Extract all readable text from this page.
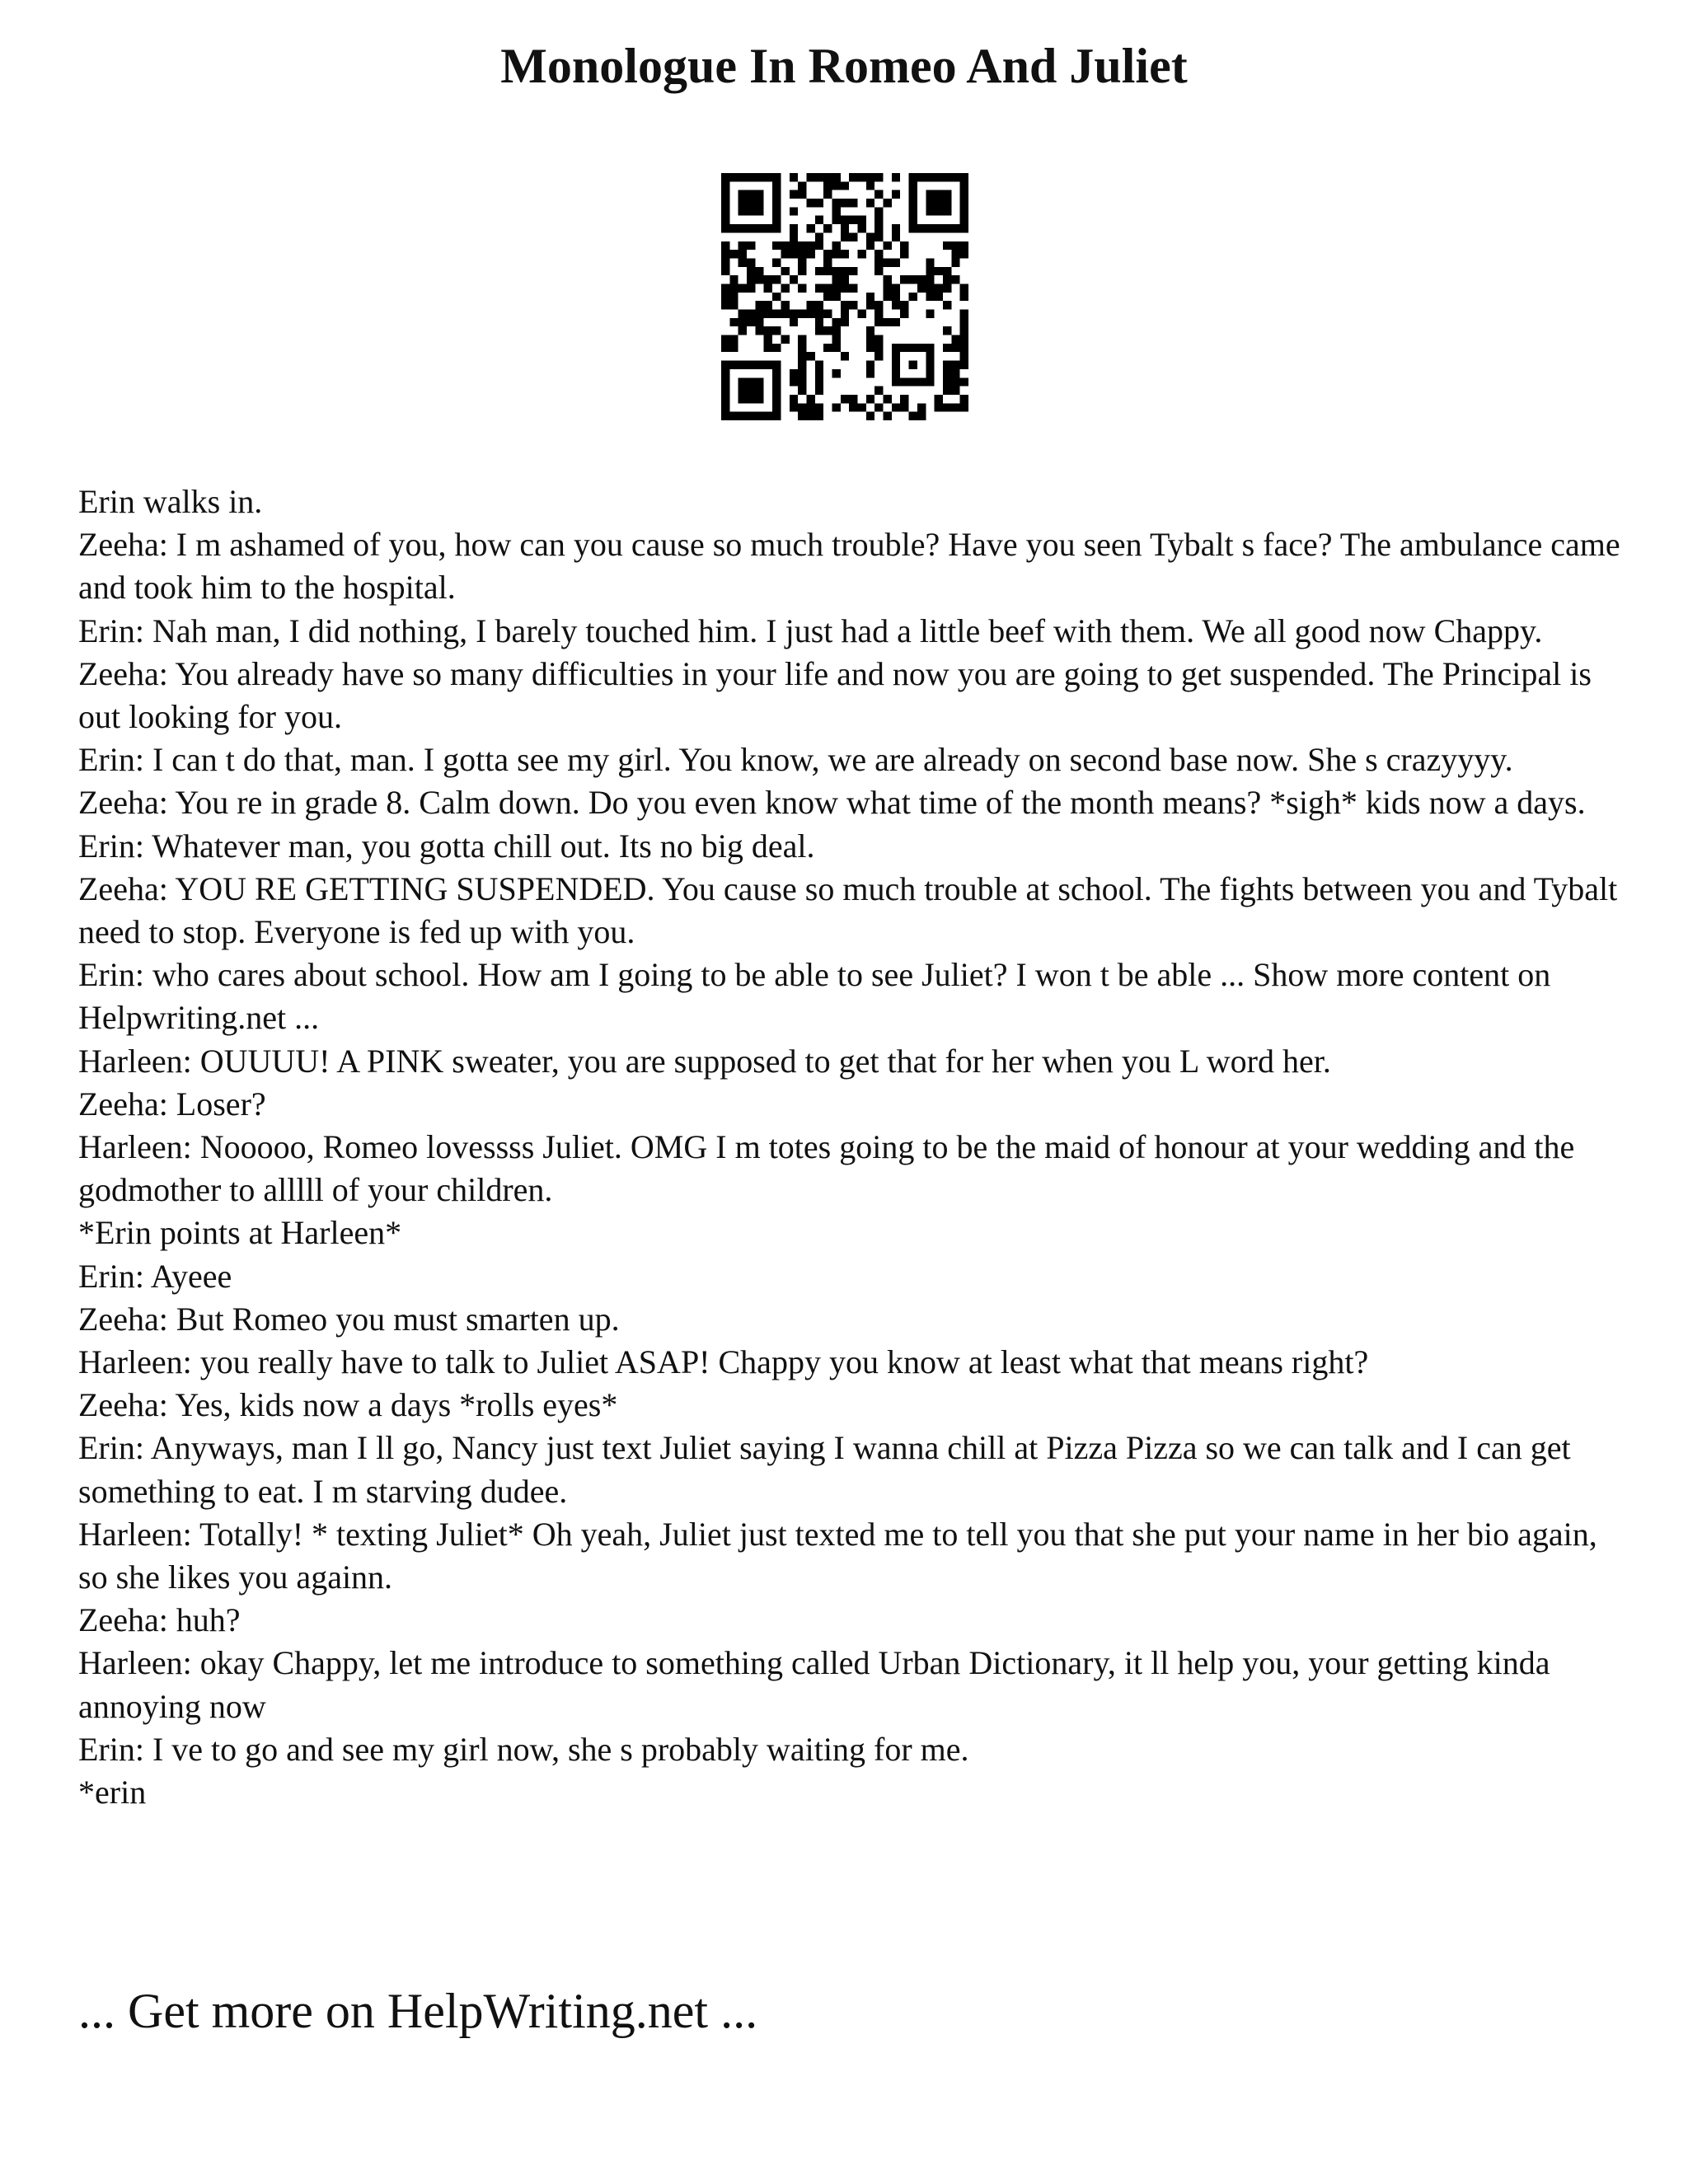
Monologue In Romeo And Juliet
Erin walks in.
Zeeha: I m ashamed of you, how can you cause so much trouble? Have you seen Tybalt s face? The ambulance came and took him to the hospital.
Erin: Nah man, I did nothing, I barely touched him. I just had a little beef with them. We all good now Chappy.
Zeeha: You already have so many difficulties in your life and now you are going to get suspended. The Principal is out looking for you.
Erin: I can t do that, man. I gotta see my girl. You know, we are already on second base now. She s crazyyyy.
Zeeha: You re in grade 8. Calm down. Do you even know what time of the month means? *sigh* kids now a days.
Erin: Whatever man, you gotta chill out. Its no big deal.
Zeeha: YOU RE GETTING SUSPENDED. You cause so much trouble at school. The fights between you and Tybalt need to stop. Everyone is fed up with you.
Erin: who cares about school. How am I going to be able to see Juliet? I won t be able ... Show more content on Helpwriting.net ...
Harleen: OUUUU! A PINK sweater, you are supposed to get that for her when you L word her.
Zeeha: Loser?
Harleen: Nooooo, Romeo lovessss Juliet. OMG I m totes going to be the maid of honour at your wedding and the godmother to alllll of your children.
*Erin points at Harleen*
Erin: Ayeee
Zeeha: But Romeo you must smarten up.
Harleen: you really have to talk to Juliet ASAP! Chappy you know at least what that means right?
Zeeha: Yes, kids now a days *rolls eyes*
Erin: Anyways, man I ll go, Nancy just text Juliet saying I wanna chill at Pizza Pizza so we can talk and I can get something to eat. I m starving dudee.
Harleen: Totally! * texting Juliet* Oh yeah, Juliet just texted me to tell you that she put your name in her bio again, so she likes you againn.
Zeeha: huh?
Harleen: okay Chappy, let me introduce to something called Urban Dictionary, it ll help you, your getting kinda annoying now
Erin: I ve to go and see my girl now, she s probably waiting for me.
*erin
... Get more on HelpWriting.net ...
